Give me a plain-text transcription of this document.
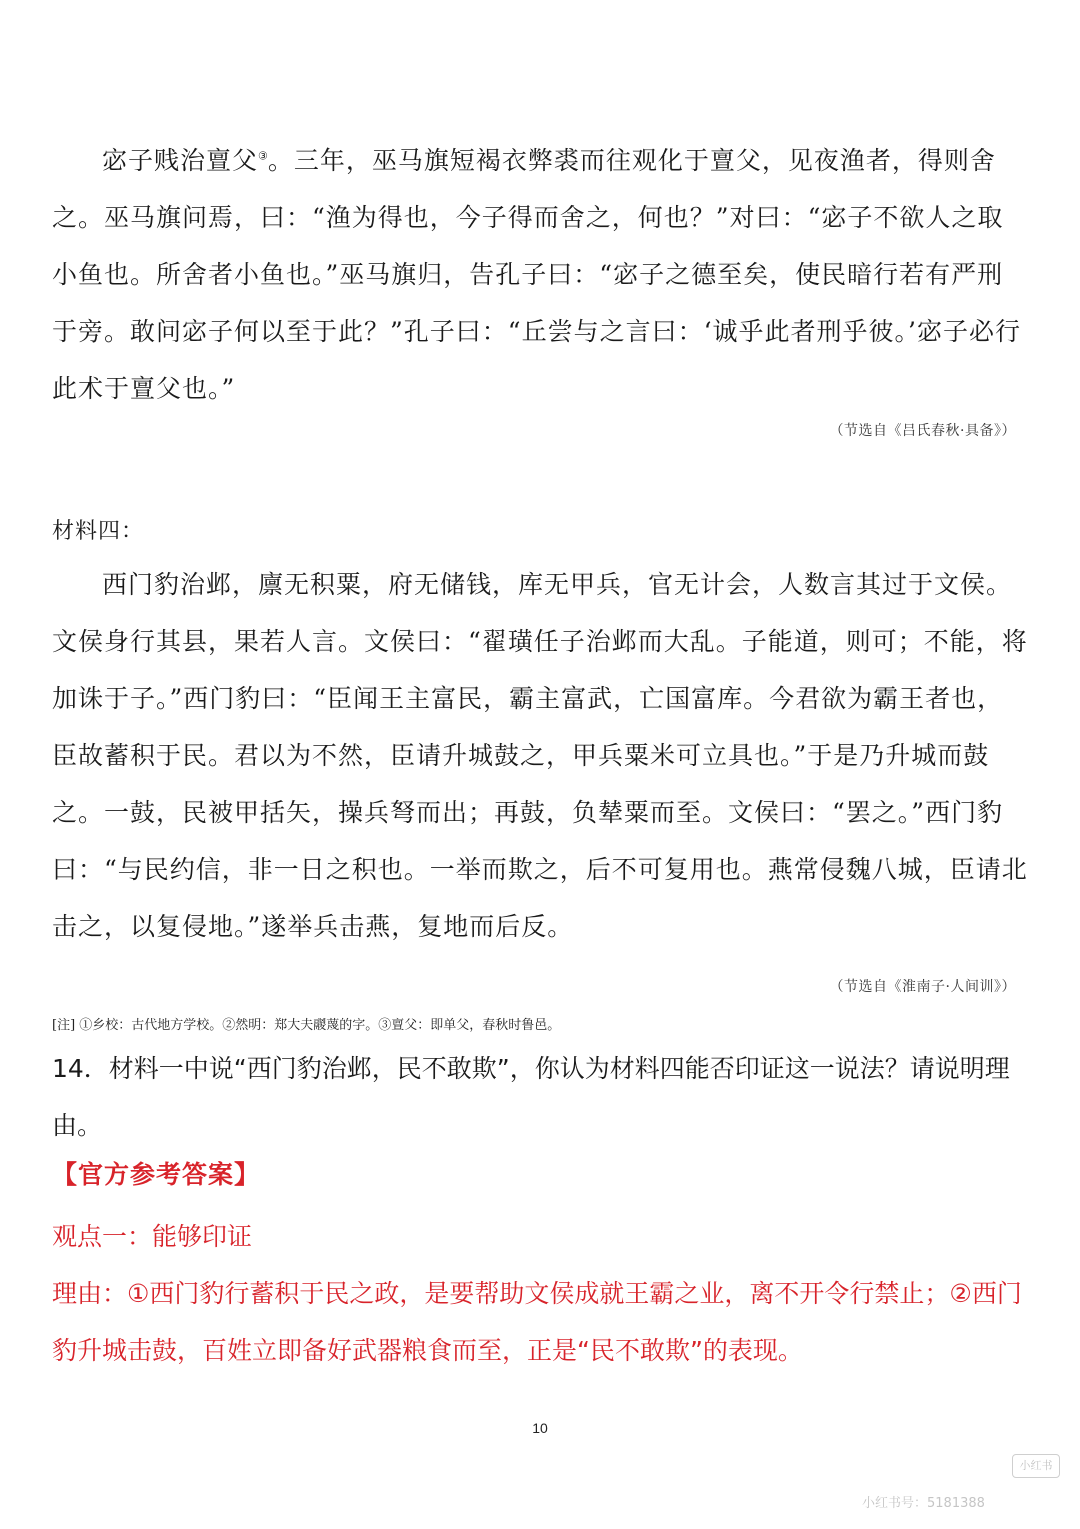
宓子贱治亶父③。三年，巫马旗短褐衣弊裘而往观化于亶父，见夜渔者，得则舍之。巫马旗问焉，曰：“渔为得也，今子得而舍之，何也？”对曰：“宓子不欲人之取小鱼也。所舍者小鱼也。”巫马旗归，告孔子曰：“宓子之德至矣，使民暗行若有严刑于旁。敢问宓子何以至于此？”孔子曰：“丘尝与之言曰：‘诚乎此者刑乎彼。’宓子必行此术于亶父也。”

（节选自《吕氏春秋·具备》）
材料四：

西门豹治邺，廪无积粟，府无储钱，库无甲兵，官无计会，人数言其过于文侯。文侯身行其县，果若人言。文侯曰：“翟璜任子治邺而大乱。子能道，则可；不能，将加诛于子。”西门豹曰：“臣闻王主富民，霸主富武，亡国富库。今君欲为霸王者也，臣故蓄积于民。君以为不然，臣请升城鼓之，甲兵粟米可立具也。”于是乃升城而鼓之。一鼓，民被甲括矢，操兵弩而出；再鼓，负辇粟而至。文侯曰：“罢之。”西门豹曰：“与民约信，非一日之积也。一举而欺之，后不可复用也。燕常侵魏八城，臣请北击之，以复侵地。”遂举兵击燕，复地而后反。

（节选自《淮南子·人间训》）
[注] ①乡校：古代地方学校。②然明：郑大夫鬷蔑的字。③亶父：即单父，春秋时鲁邑。

14．材料一中说“西门豹治邺，民不敢欺”，你认为材料四能否印证这一说法？请说明理由。

【官方参考答案】

观点一：能够印证

理由：①西门豹行蓄积于民之政，是要帮助文侯成就王霸之业，离不开令行禁止；②西门豹升城击鼓，百姓立即备好武器粮食而至，正是“民不敢欺”的表现。

10
小红书
小红书号：5181388
